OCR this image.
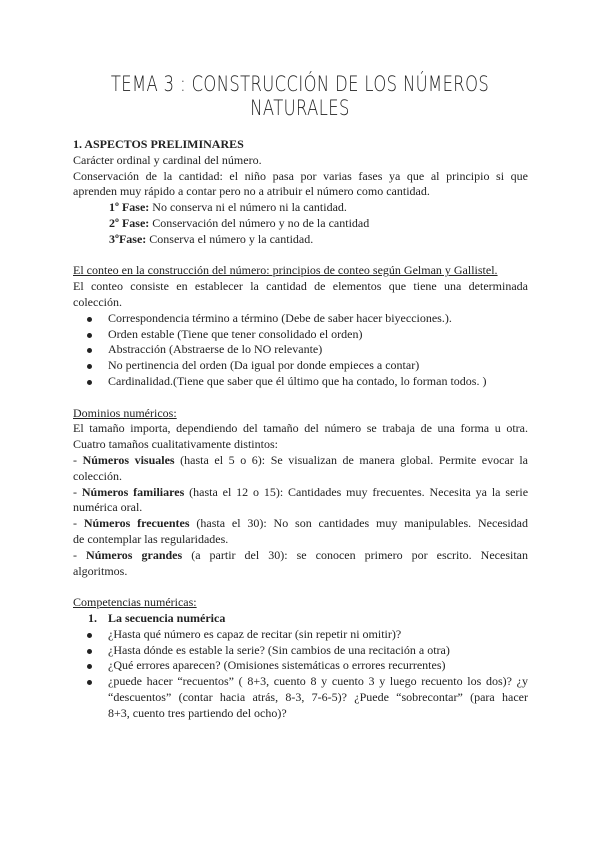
TEMA 3 : CONSTRUCCIÓN DE LOS NÚMEROS NATURALES
1. ASPECTOS PRELIMINARES
Carácter ordinal y cardinal del número.
Conservación de la cantidad: el niño pasa por varias fases ya que al principio si que
aprenden muy rápido a contar pero no a atribuir el número como cantidad.
1º Fase: No conserva ni el número ni la cantidad.
2º Fase: Conservación del número y no de la cantidad
3ºFase: Conserva el número y la cantidad.
El conteo en la construcción del número: principios de conteo según Gelman y Gallistel.
El conteo consiste en establecer la cantidad de elementos que tiene una determinada
colección.
Correspondencia término a término (Debe de saber hacer biyecciones.).
Orden estable (Tiene que tener consolidado el orden)
Abstracción (Abstraerse de lo NO relevante)
No pertinencia del orden (Da igual por donde empieces a contar)
Cardinalidad.(Tiene que saber que él último que ha contado, lo forman todos. )
Dominios numéricos:
El tamaño importa, dependiendo del tamaño del número se trabaja de una forma u otra.
Cuatro tamaños cualitativamente distintos:
- Números visuales (hasta el 5 o 6): Se visualizan de manera global. Permite evocar la
colección.
- Números familiares (hasta el 12 o 15): Cantidades muy frecuentes. Necesita ya la serie
numérica oral.
- Números frecuentes (hasta el 30): No son cantidades muy manipulables. Necesidad
de contemplar las regularidades.
- Números grandes (a partir del 30): se conocen primero por escrito. Necesitan
algoritmos.
Competencias numéricas:
1. La secuencia numérica
¿Hasta qué número es capaz de recitar (sin repetir ni omitir)?
¿Hasta dónde es estable la serie? (Sin cambios de una recitación a otra)
¿Qué errores aparecen? (Omisiones sistemáticas o errores recurrentes)
¿puede hacer “recuentos” ( 8+3, cuento 8 y cuento 3 y luego recuento los dos)? ¿y
“descuentos” (contar hacia atrás, 8-3, 7-6-5)? ¿Puede “sobrecontar” (para hacer
8+3, cuento tres partiendo del ocho)?
